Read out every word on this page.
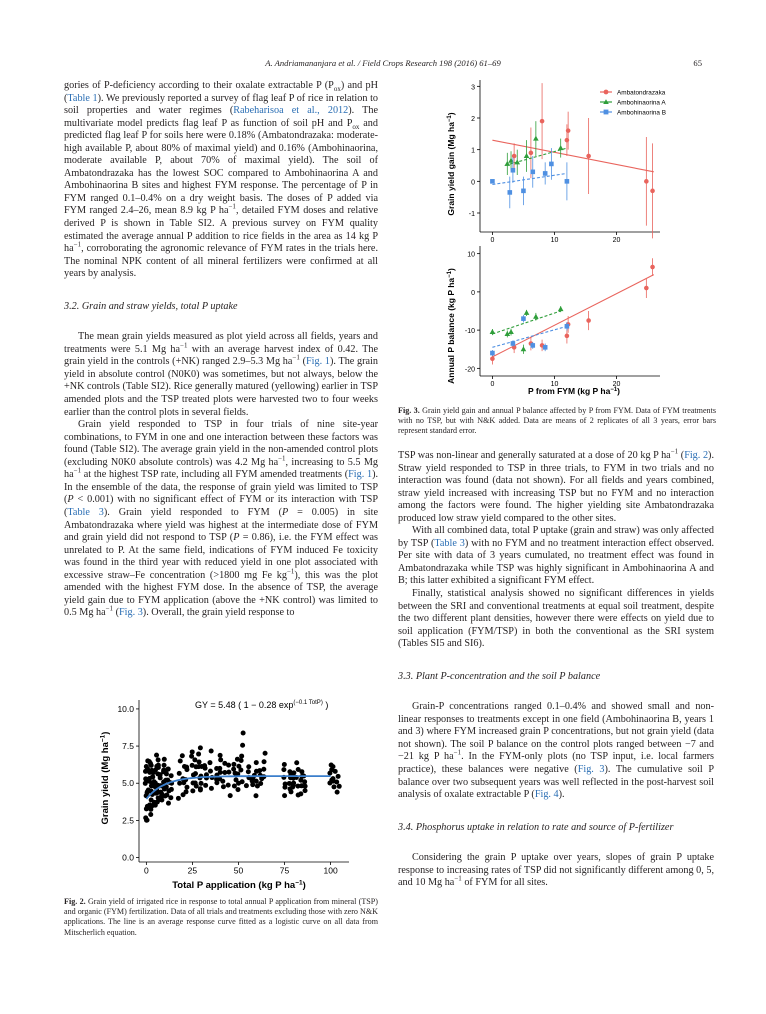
A. Andriamananjara et al. / Field Crops Research 198 (2016) 61–69	65

gories of P-deficiency according to their oxalate extractable P $(P_{ox})$ and pH (Table 1). We previously reported a survey of flag leaf P of rice in relation to soil properties and water regimes (Rabeharisoa et al., 2012). The multivariate model predicts flag leaf P as function of soil pH and $P_{ox}$ and predicted flag leaf P for soils here were 0.18% (Ambatondrazaka: moderate-high available P, about 80% of maximal yield) and 0.16% (Ambohinaorina, moderate available P, about 70% of maximal yield). The soil of Ambatondrazaka has the lowest SOC compared to Ambohinaorina A and Ambohinaorina B sites and highest FYM response. The percentage of P in FYM ranged 0.1–0.4% on a dry weight basis. The doses of P added via FYM ranged 2.4–26, mean 8.9 kg P $ha^{-1}$, detailed FYM doses and relative derived P is shown in Table SI2. A previous survey on FYM quality estimated the average annual P addition to rice fields in the area as 14 kg P $ha^{-1}$, corroborating the agronomic relevance of FYM rates in the trials here. The nominal NPK content of all mineral fertilizers were confirmed at all years by analysis.

3.2. Grain and straw yields, total P uptake

The mean grain yields measured as plot yield across all fields, years and treatments were 5.1 Mg $ha^{-1}$ with an average harvest index of 0.42. The grain yield in the controls (+NK) ranged 2.9–5.3 Mg $ha^{-1}$ (Fig. 1). The grain yield in absolute control (N0K0) was sometimes, but not always, below the +NK controls (Table SI2). Rice generally matured (yellowing) earlier in TSP amended plots and the TSP treated plots were harvested two to four weeks earlier than the control plots in several fields.

Grain yield responded to TSP in four trials of nine site-year combinations, to FYM in one and one interaction between these factors was found (Table SI2). The average grain yield in the non-amended control plots (excluding N0K0 absolute controls) was 4.2 Mg $ha^{-1}$, increasing to 5.5 Mg $ha^{-1}$ at the highest TSP rate, including all FYM amended treatments (Fig. 1). In the ensemble of the data, the response of grain yield was limited to TSP (P < 0.001) with no significant effect of FYM or its interaction with TSP (Table 3). Grain yield responded to FYM (P = 0.005) in site Ambatondrazaka where yield was highest at the intermediate dose of FYM and grain yield did not respond to TSP (P = 0.86), i.e. the FYM effect was unrelated to P. At the same field, indications of FYM induced Fe toxicity was found in the third year with reduced yield in one plot associated with excessive straw–Fe concentration (>1800 mg Fe $kg^{-1}$), this was the plot amended with the highest FYM dose. In the absence of TSP, the average yield gain due to FYM application (above the +NK control) was limited to 0.5 Mg $ha^{-1}$ (Fig. 3). Overall, the grain yield response to

TSP was non-linear and generally saturated at a dose of 20 kg P $ha^{-1}$ (Fig. 2). Straw yield responded to TSP in three trials, to FYM in two trials and no interaction was found (data not shown). For all fields and years combined, straw yield increased with increasing TSP but no FYM and no interaction among the factors were found. The higher yielding site Ambatondrazaka produced low straw yield compared to the other sites.

With all combined data, total P uptake (grain and straw) was only affected by TSP (Table 3) with no FYM and no treatment interaction effect observed. Per site with data of 3 years cumulated, no treatment effect was found in Ambatondrazaka while TSP was highly significant in Ambohinaorina A and B; this latter exhibited a significant FYM effect.

Finally, statistical analysis showed no significant differences in yields between the SRI and conventional treatments at equal soil treatment, despite the two different plant densities, however there were effects on yield due to soil application (FYM/TSP) in both the conventional as the SRI system (Tables SI5 and SI6).

3.3. Plant P-concentration and the soil P balance

Grain-P concentrations ranged 0.1–0.4% and showed small and non-linear responses to treatments except in one field (Ambohinaorina B, years 1 and 3) where FYM increased grain P concentrations, but not grain yield (data not shown). The soil P balance on the control plots ranged between −7 and −21 kg P $ha^{-1}$. In the FYM-only plots (no TSP input, i.e. local farmers practice), these balances were negative (Fig. 3). The cumulative soil P balance over two subsequent years was well reflected in the post-harvest soil analysis of oxalate extractable P (Fig. 4).

3.4. Phosphorus uptake in relation to rate and source of P-fertilizer

Considering the grain P uptake over years, slopes of grain P uptake response to increasing rates of TSP did not significantly different among 0, 5, and 10 Mg $ha^{-1}$ of FYM for all sites.

Grain yield gain (Mg $ha^{-1}$)
Annual P balance (kg P $ha^{-1}$)
P from FYM (kg P $ha^{-1}$)
Ambatondrazaka
Ambohinaorina A
Ambohinaorina B
-1
0
1
2
3
0	10	20
-20
-10
0
10
0	10	20
Fig. 3. Grain yield gain and annual P balance affected by P from FYM. Data of FYM treatments with no TSP, but with N&K added. Data are means of 2 replicates of all 3 years, error bars represent standard error.
Grain yield (Mg $ha^{-1}$)
Total P application (kg P $ha^{-1}$)
GY = 5.48 ( 1 − 0.28 $\exp^{(-0.1 TotP)}$ )
0.0
2.5
5.0
7.5
10.0
0	25	50	75	100
Fig. 2. Grain yield of irrigated rice in response to total annual P application from mineral (TSP) and organic (FYM) fertilization. Data of all trials and treatments excluding those with zero N&K applications. The line is an average response curve fitted as a logistic curve on all data from Mitscherlich equation.
